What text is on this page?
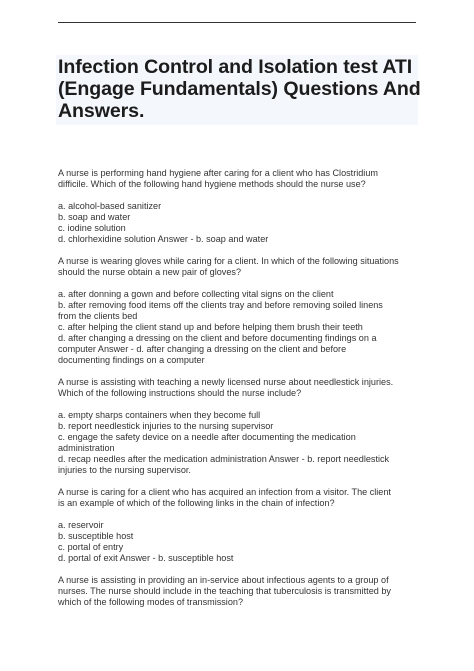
Infection Control and Isolation test ATI
(Engage Fundamentals) Questions And
Answers.
A nurse is performing hand hygiene after caring for a client who has Clostridium
difficile. Which of the following hand hygiene methods should the nurse use?
a. alcohol-based sanitizer
b. soap and water
c. iodine solution
d. chlorhexidine solution Answer - b. soap and water
A nurse is wearing gloves while caring for a client. In which of the following situations
should the nurse obtain a new pair of gloves?
a. after donning a gown and before collecting vital signs on the client
b. after removing food items off the clients tray and before removing soiled linens
from the clients bed
c. after helping the client stand up and before helping them brush their teeth
d. after changing a dressing on the client and before documenting findings on a
computer Answer - d. after changing a dressing on the client and before
documenting findings on a computer
A nurse is assisting with teaching a newly licensed nurse about needlestick injuries.
Which of the following instructions should the nurse include?
a. empty sharps containers when they become full
b. report needlestick injuries to the nursing supervisor
c. engage the safety device on a needle after documenting the medication
administration
d. recap needles after the medication administration Answer - b. report needlestick
injuries to the nursing supervisor.
A nurse is caring for a client who has acquired an infection from a visitor. The client
is an example of which of the following links in the chain of infection?
a. reservoir
b. susceptible host
c. portal of entry
d. portal of exit Answer - b. susceptible host
A nurse is assisting in providing an in-service about infectious agents to a group of
nurses. The nurse should include in the teaching that tuberculosis is transmitted by
which of the following modes of transmission?
